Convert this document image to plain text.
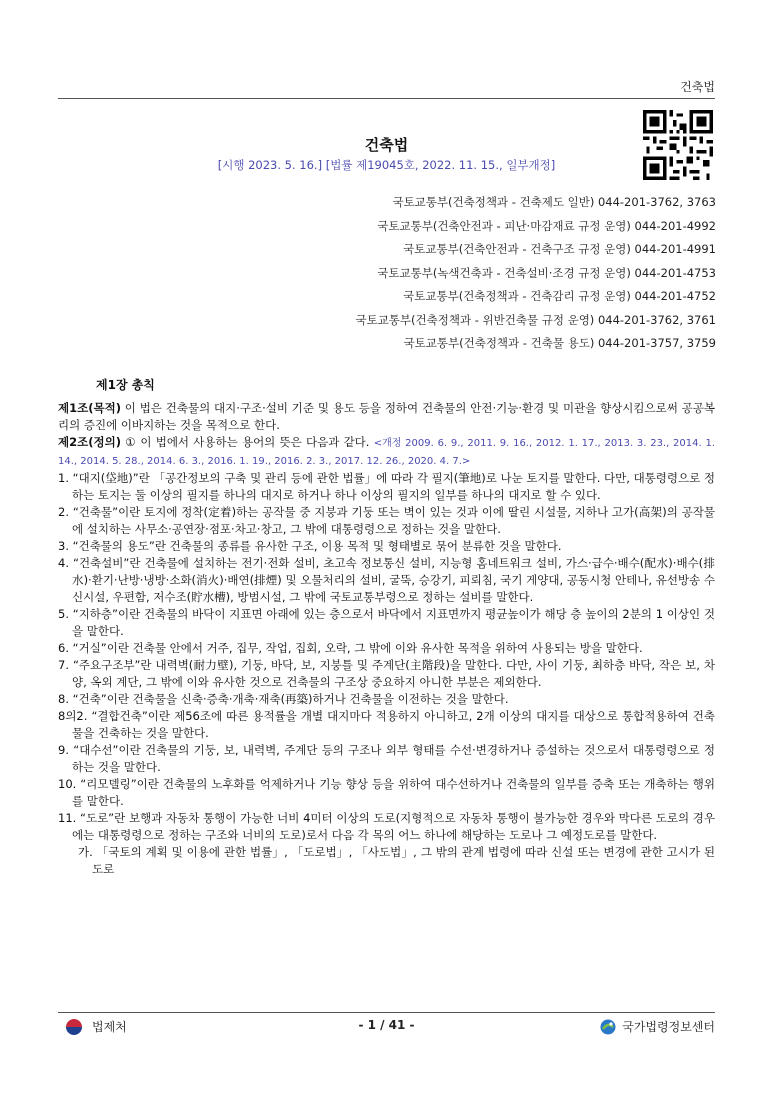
건축법
건축법
[시행 2023. 5. 16.] [법률 제19045호, 2022. 11. 15., 일부개정]
국토교통부(건축정책과 - 건축제도 일반) 044-201-3762, 3763
국토교통부(건축안전과 - 피난·마감재료 규정 운영) 044-201-4992
국토교통부(건축안전과 - 건축구조 규정 운영) 044-201-4991
국토교통부(녹색건축과 - 건축설비·조경 규정 운영) 044-201-4753
국토교통부(건축정책과 - 건축감리 규정 운영) 044-201-4752
국토교통부(건축정책과 - 위반건축물 규정 운영) 044-201-3762, 3761
국토교통부(건축정책과 - 건축물 용도) 044-201-3757, 3759
제1장 총칙

제1조(목적) 이 법은 건축물의 대지·구조·설비 기준 및 용도 등을 정하여 건축물의 안전·기능·환경 및 미관을 향상시킴으로써 공공복리의 증진에 이바지하는 것을 목적으로 한다.

제2조(정의) ① 이 법에서 사용하는 용어의 뜻은 다음과 같다. <개정 2009. 6. 9., 2011. 9. 16., 2012. 1. 17., 2013. 3. 23., 2014. 1. 14., 2014. 5. 28., 2014. 6. 3., 2016. 1. 19., 2016. 2. 3., 2017. 12. 26., 2020. 4. 7.>

1. “대지(垈地)”란 「공간정보의 구축 및 관리 등에 관한 법률」에 따라 각 필지(筆地)로 나눈 토지를 말한다. 다만, 대통령령으로 정하는 토지는 둘 이상의 필지를 하나의 대지로 하거나 하나 이상의 필지의 일부를 하나의 대지로 할 수 있다.

2. “건축물”이란 토지에 정착(定着)하는 공작물 중 지붕과 기둥 또는 벽이 있는 것과 이에 딸린 시설물, 지하나 고가(高架)의 공작물에 설치하는 사무소·공연장·점포·차고·창고, 그 밖에 대통령령으로 정하는 것을 말한다.

3. “건축물의 용도”란 건축물의 종류를 유사한 구조, 이용 목적 및 형태별로 묶어 분류한 것을 말한다.

4. “건축설비”란 건축물에 설치하는 전기·전화 설비, 초고속 정보통신 설비, 지능형 홈네트워크 설비, 가스·급수·배수(配水)·배수(排水)·환기·난방·냉방·소화(消火)·배연(排煙) 및 오물처리의 설비, 굴뚝, 승강기, 피뢰침, 국기 게양대, 공동시청 안테나, 유선방송 수신시설, 우편함, 저수조(貯水槽), 방범시설, 그 밖에 국토교통부령으로 정하는 설비를 말한다.

5. “지하층”이란 건축물의 바닥이 지표면 아래에 있는 층으로서 바닥에서 지표면까지 평균높이가 해당 층 높이의 2분의 1 이상인 것을 말한다.

6. “거실”이란 건축물 안에서 거주, 집무, 작업, 집회, 오락, 그 밖에 이와 유사한 목적을 위하여 사용되는 방을 말한다.

7. “주요구조부”란 내력벽(耐力壁), 기둥, 바닥, 보, 지붕틀 및 주계단(主階段)을 말한다. 다만, 사이 기둥, 최하층 바닥, 작은 보, 차양, 옥외 계단, 그 밖에 이와 유사한 것으로 건축물의 구조상 중요하지 아니한 부분은 제외한다.

8. “건축”이란 건축물을 신축·증축·개축·재축(再築)하거나 건축물을 이전하는 것을 말한다.

8의2. “결합건축”이란 제56조에 따른 용적률을 개별 대지마다 적용하지 아니하고, 2개 이상의 대지를 대상으로 통합적용하여 건축물을 건축하는 것을 말한다.

9. “대수선”이란 건축물의 기둥, 보, 내력벽, 주계단 등의 구조나 외부 형태를 수선·변경하거나 증설하는 것으로서 대통령령으로 정하는 것을 말한다.

10. “리모델링”이란 건축물의 노후화를 억제하거나 기능 향상 등을 위하여 대수선하거나 건축물의 일부를 증축 또는 개축하는 행위를 말한다.

11. “도로”란 보행과 자동차 통행이 가능한 너비 4미터 이상의 도로(지형적으로 자동차 통행이 불가능한 경우와 막다른 도로의 경우에는 대통령령으로 정하는 구조와 너비의 도로)로서 다음 각 목의 어느 하나에 해당하는 도로나 그 예정도로를 말한다.

가. 「국토의 계획 및 이용에 관한 법률」, 「도로법」, 「사도법」, 그 밖의 관계 법령에 따라 신설 또는 변경에 관한 고시가 된 도로

법제처	- 1 / 41 -	국가법령정보센터
